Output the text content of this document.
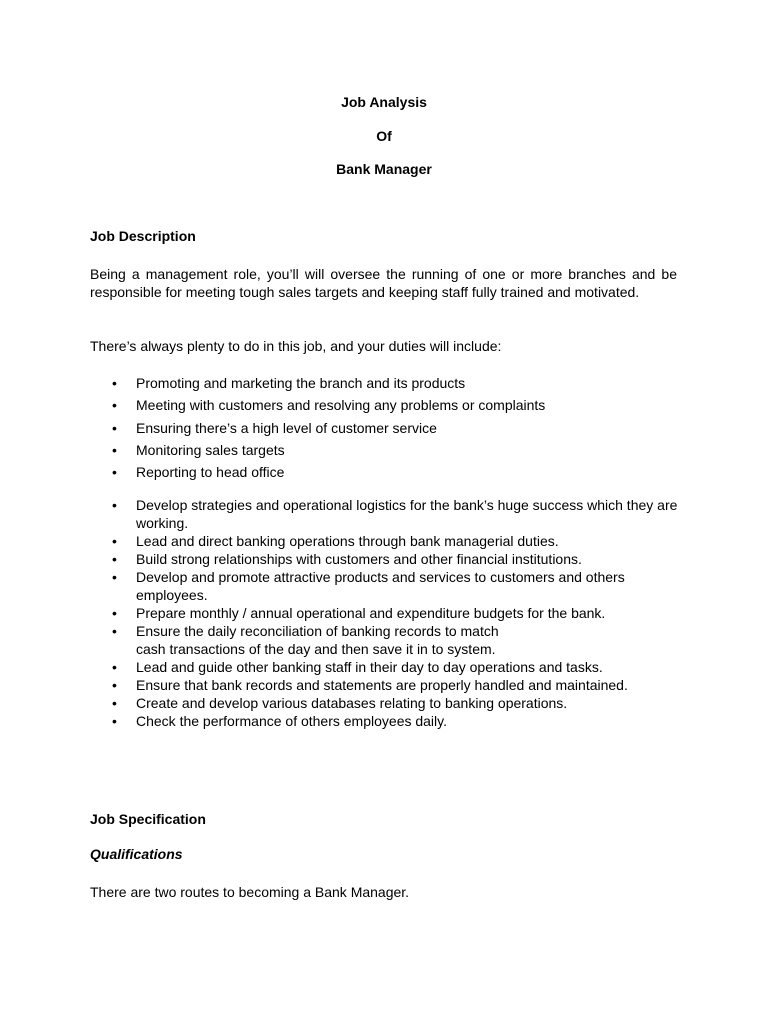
Job Analysis
Of
Bank Manager
Job Description
Being a management role, you’ll will oversee the running of one or more branches and be responsible for meeting tough sales targets and keeping staff fully trained and motivated.
There’s always plenty to do in this job, and your duties will include:
• Promoting and marketing the branch and its products
• Meeting with customers and resolving any problems or complaints
• Ensuring there’s a high level of customer service
• Monitoring sales targets
• Reporting to head office
• Develop strategies and operational logistics for the bank’s huge success which they are working.
• Lead and direct banking operations through bank managerial duties.
• Build strong relationships with customers and other financial institutions.
• Develop and promote attractive products and services to customers and others employees.
• Prepare monthly / annual operational and expenditure budgets for the bank.
• Ensure the daily reconciliation of banking records to match cash transactions of the day and then save it in to system.
• Lead and guide other banking staff in their day to day operations and tasks.
• Ensure that bank records and statements are properly handled and maintained.
• Create and develop various databases relating to banking operations.
• Check the performance of others employees daily.
Job Specification
Qualifications
There are two routes to becoming a Bank Manager.
